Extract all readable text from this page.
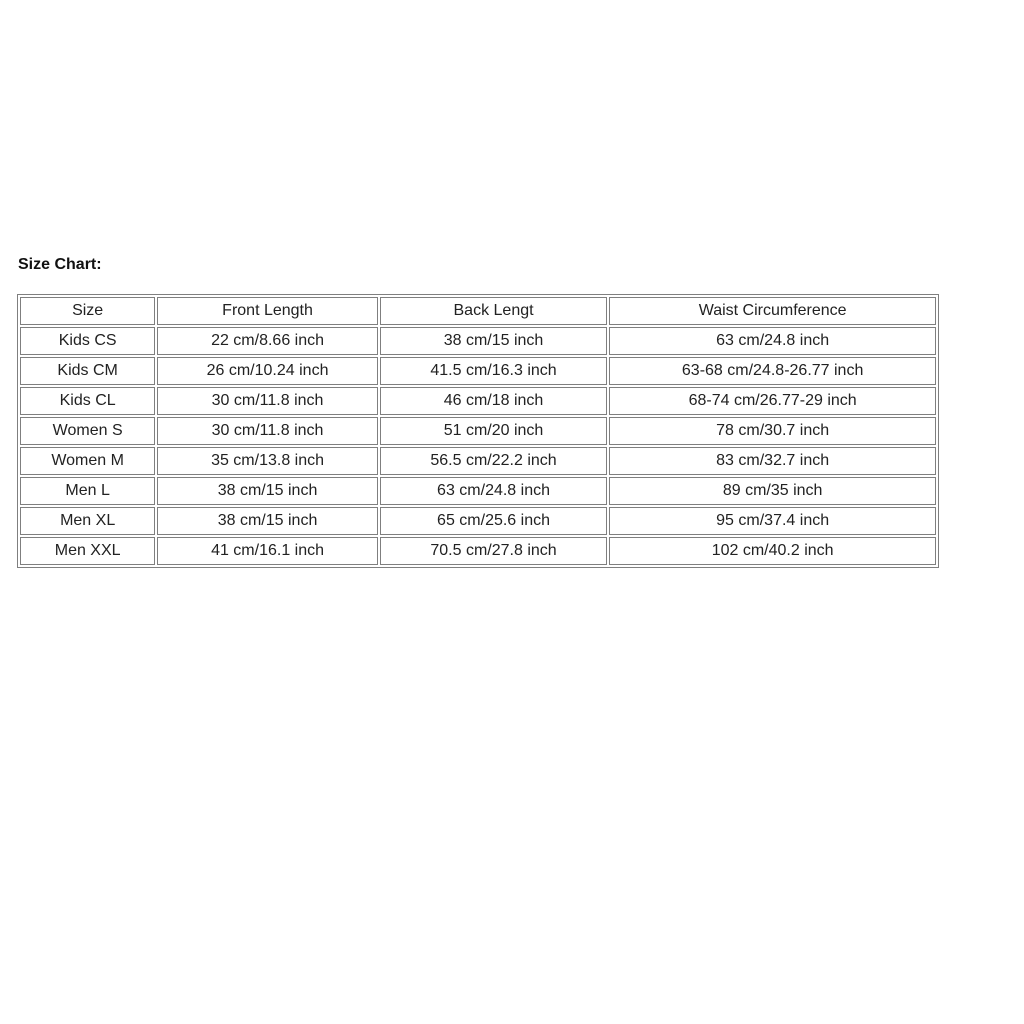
Size Chart:
Size	Front Length	Back Lengt	Waist Circumference
Kids CS	22 cm/8.66 inch	38 cm/15 inch	63 cm/24.8 inch
Kids CM	26 cm/10.24 inch	41.5 cm/16.3 inch	63-68 cm/24.8-26.77 inch
Kids CL	30 cm/11.8 inch	46 cm/18 inch	68-74 cm/26.77-29 inch
Women S	30 cm/11.8 inch	51 cm/20 inch	78 cm/30.7 inch
Women M	35 cm/13.8 inch	56.5 cm/22.2 inch	83 cm/32.7 inch
Men L	38 cm/15 inch	63 cm/24.8 inch	89 cm/35 inch
Men XL	38 cm/15 inch	65 cm/25.6 inch	95 cm/37.4 inch
Men XXL	41 cm/16.1 inch	70.5 cm/27.8 inch	102 cm/40.2 inch
